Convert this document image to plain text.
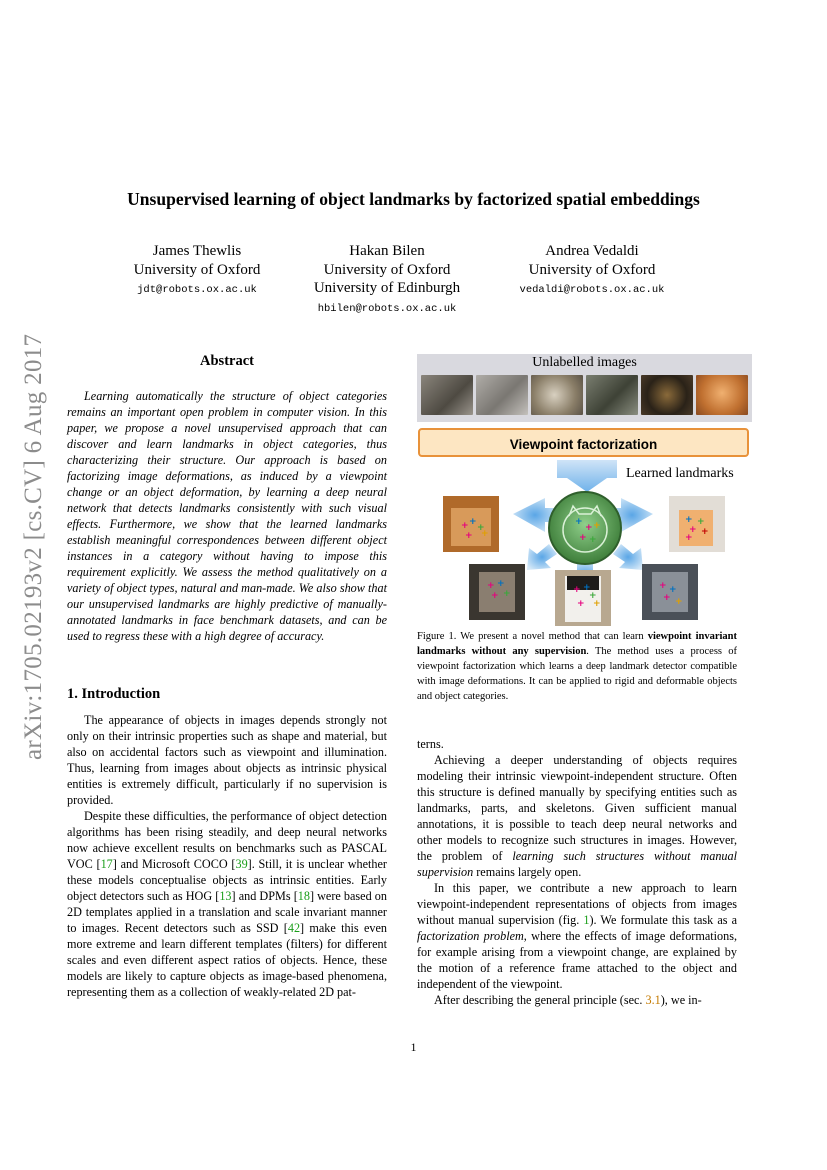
Unsupervised learning of object landmarks by factorized spatial embeddings
James Thewlis
University of Oxford
jdt@robots.ox.ac.uk
Hakan Bilen
University of Oxford
University of Edinburgh
hbilen@robots.ox.ac.uk
Andrea Vedaldi
University of Oxford
vedaldi@robots.ox.ac.uk
arXiv:1705.02193v2 [cs.CV] 6 Aug 2017	Abstract

Learning automatically the structure of object categories remains an important open problem in computer vision. In this paper, we propose a novel unsupervised approach that can discover and learn landmarks in object categories, thus characterizing their structure. Our approach is based on factorizing image deformations, as induced by a viewpoint change or an object deformation, by learning a deep neural network that detects landmarks consistently with such visual effects. Furthermore, we show that the learned landmarks establish meaningful correspondences between different object instances in a category without having to impose this requirement explicitly. We assess the method qualitatively on a variety of object types, natural and man-made. We also show that our unsupervised landmarks are highly predictive of manually-annotated landmarks in face benchmark datasets, and can be used to regress these with a high degree of accuracy.

1. Introduction

The appearance of objects in images depends strongly not only on their intrinsic properties such as shape and material, but also on accidental factors such as viewpoint and illumination. Thus, learning from images about objects as intrinsic physical entities is extremely difficult, particularly if no supervision is provided.

Despite these difficulties, the performance of object detection algorithms has been rising steadily, and deep neural networks now achieve excellent results on benchmarks such as PASCAL VOC [17] and Microsoft COCO [39]. Still, it is unclear whether these models conceptualise objects as intrinsic entities. Early object detectors such as HOG [13] and DPMs [18] were based on 2D templates applied in a translation and scale invariant manner to images. Recent detectors such as SSD [42] make this even more extreme and learn different templates (filters) for different scales and even different aspect ratios of objects. Hence, these models are likely to capture objects as image-based phenomena, representing them as a collection of weakly-related 2D pat-

Unlabelled images
Viewpoint factorization
Learned landmarks
+ +
+
+ +
+ +
+ +
+
+ +
+ +	+ +
+
+ +
+ +
+ +
+
+ +
+ +
Figure 1. We present a novel method that can learn viewpoint invariant landmarks without any supervision. The method uses a process of viewpoint factorization which learns a deep landmark detector compatible with image deformations. It can be applied to rigid and deformable objects and object categories.

terns.

Achieving a deeper understanding of objects requires modeling their intrinsic viewpoint-independent structure. Often this structure is defined manually by specifying entities such as landmarks, parts, and skeletons. Given sufficient manual annotations, it is possible to teach deep neural networks and other models to recognize such structures in images. However, the problem of learning such structures without manual supervision remains largely open.

In this paper, we contribute a new approach to learn viewpoint-independent representations of objects from images without manual supervision (fig. 1). We formulate this task as a factorization problem, where the effects of image deformations, for example arising from a viewpoint change, are explained by the motion of a reference frame attached to the object and independent of the viewpoint.

After describing the general principle (sec. 3.1), we in-

1
